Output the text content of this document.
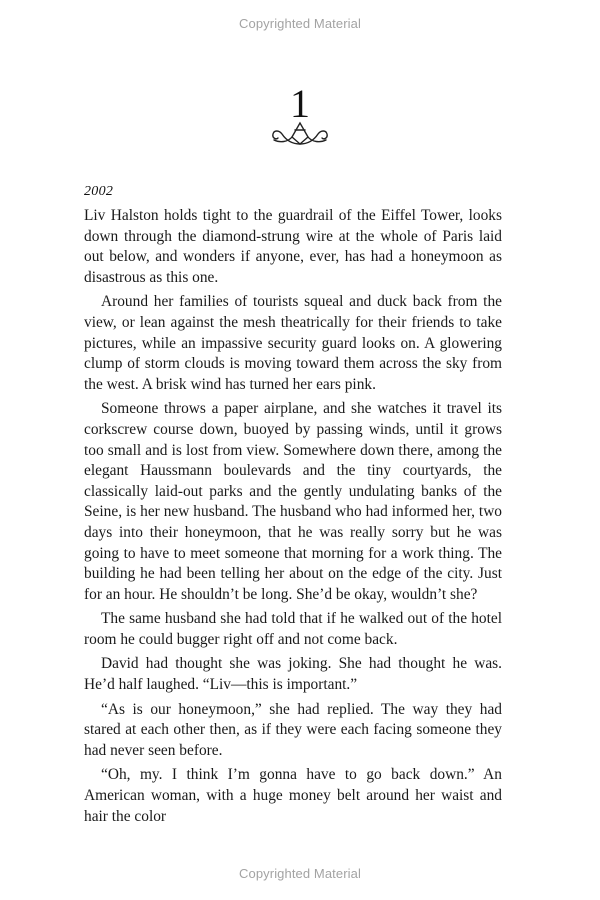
Copyrighted Material
1
2002

Liv Halston holds tight to the guardrail of the Eiffel Tower, looks down through the diamond-strung wire at the whole of Paris laid out below, and wonders if anyone, ever, has had a honeymoon as disastrous as this one.

Around her families of tourists squeal and duck back from the view, or lean against the mesh theatrically for their friends to take pictures, while an impassive security guard looks on. A glowering clump of storm clouds is moving toward them across the sky from the west. A brisk wind has turned her ears pink.

Someone throws a paper airplane, and she watches it travel its corkscrew course down, buoyed by passing winds, until it grows too small and is lost from view. Somewhere down there, among the elegant Haussmann boulevards and the tiny courtyards, the classically laid-out parks and the gently undulating banks of the Seine, is her new husband. The husband who had informed her, two days into their honeymoon, that he was really sorry but he was going to have to meet someone that morning for a work thing. The building he had been telling her about on the edge of the city. Just for an hour. He shouldn’t be long. She’d be okay, wouldn’t she?

The same husband she had told that if he walked out of the hotel room he could bugger right off and not come back.

David had thought she was joking. She had thought he was. He’d half laughed. “Liv—this is important.”

“As is our honeymoon,” she had replied. The way they had stared at each other then, as if they were each facing someone they had never seen before.

“Oh, my. I think I’m gonna have to go back down.” An American woman, with a huge money belt around her waist and hair the color

Copyrighted Material
